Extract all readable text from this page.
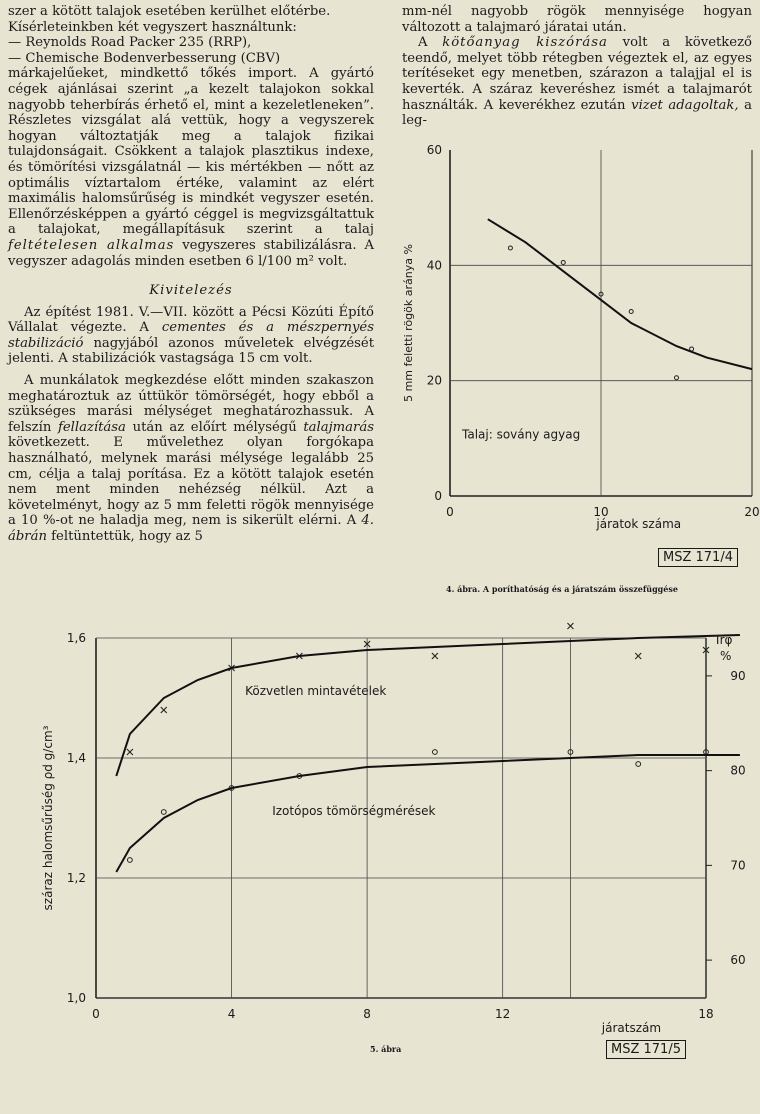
szer a kötött talajok esetében kerülhet előtérbe.
Kísérleteinkben két vegyszert használtunk:
— Reynolds Road Packer 235 (RRP),
— Chemische Bodenverbesserung (CBV)

márkajelűeket, mindkettő tőkés import. A gyártó cégek ajánlásai szerint „a kezelt talajokon sokkal nagyobb teherbírás érhető el, mint a kezeletleneken”. Részletes vizsgálat alá vettük, hogy a vegyszerek hogyan változtatják meg a talajok fizikai tulajdonságait. Csökkent a talajok plasztikus indexe, és tömörítési vizsgálatnál — kis mértékben — nőtt az optimális víztartalom értéke, valamint az elért maximális halomsűrűség is mindkét vegyszer esetén. Ellenőrzésképpen a gyártó céggel is megvizsgáltattuk a talajokat, megállapításuk szerint a talaj feltételesen alkalmas vegyszeres stabilizálásra. A vegyszer adagolás minden esetben 6 l/100 m² volt.

Kivitelezés

Az építést 1981. V.—VII. között a Pécsi Közúti Építő Vállalat végezte. A cementes és a mészpernyés stabilizáció nagyjából azonos műveletek elvégzését jelenti. A stabilizációk vastagsága 15 cm volt.

A munkálatok megkezdése előtt minden szakaszon meghatároztuk az úttükör tömörségét, hogy ebből a szükséges marási mélységet meghatározhassuk. A felszín fellazítása után az előírt mélységű talajmarás következett. E művelethez olyan forgókapa használható, melynek marási mélysége legalább 25 cm, célja a talaj porítása. Ez a kötött talajok esetén nem ment minden nehézség nélkül. Azt a követelményt, hogy az 5 mm feletti rögök mennyisége a 10 %-ot ne haladja meg, nem is sikerült elérni. A 4. ábrán feltüntettük, hogy az 5

mm-nél nagyobb rögök mennyisége hogyan változott a talajmaró járatai után.

A kötőanyag kiszórása volt a következő teendő, melyet több rétegben végeztek el, az egyes terítéseket egy menetben, szárazon a talajjal el is keverték. A száraz keveréshez ismét a talajmarót használták. A keverékhez ezután vizet adagoltak, a leg-

0
20
40
60
0	10	20
5 mm feletti rögök aránya %
járatok száma
Talaj: sovány agyag
MSZ 171/4
4. ábra. A poríthatóság és a járatszám összefüggése
1,0
1,2
1,4
1,6
0	4	8	12	18
60
70
80
90
száraz halomsűrűség ρd g/cm³
járatszám
Trφ
%
Közvetlen mintavételek
Izotópos tömörségmérések
MSZ 171/5
5. ábra
